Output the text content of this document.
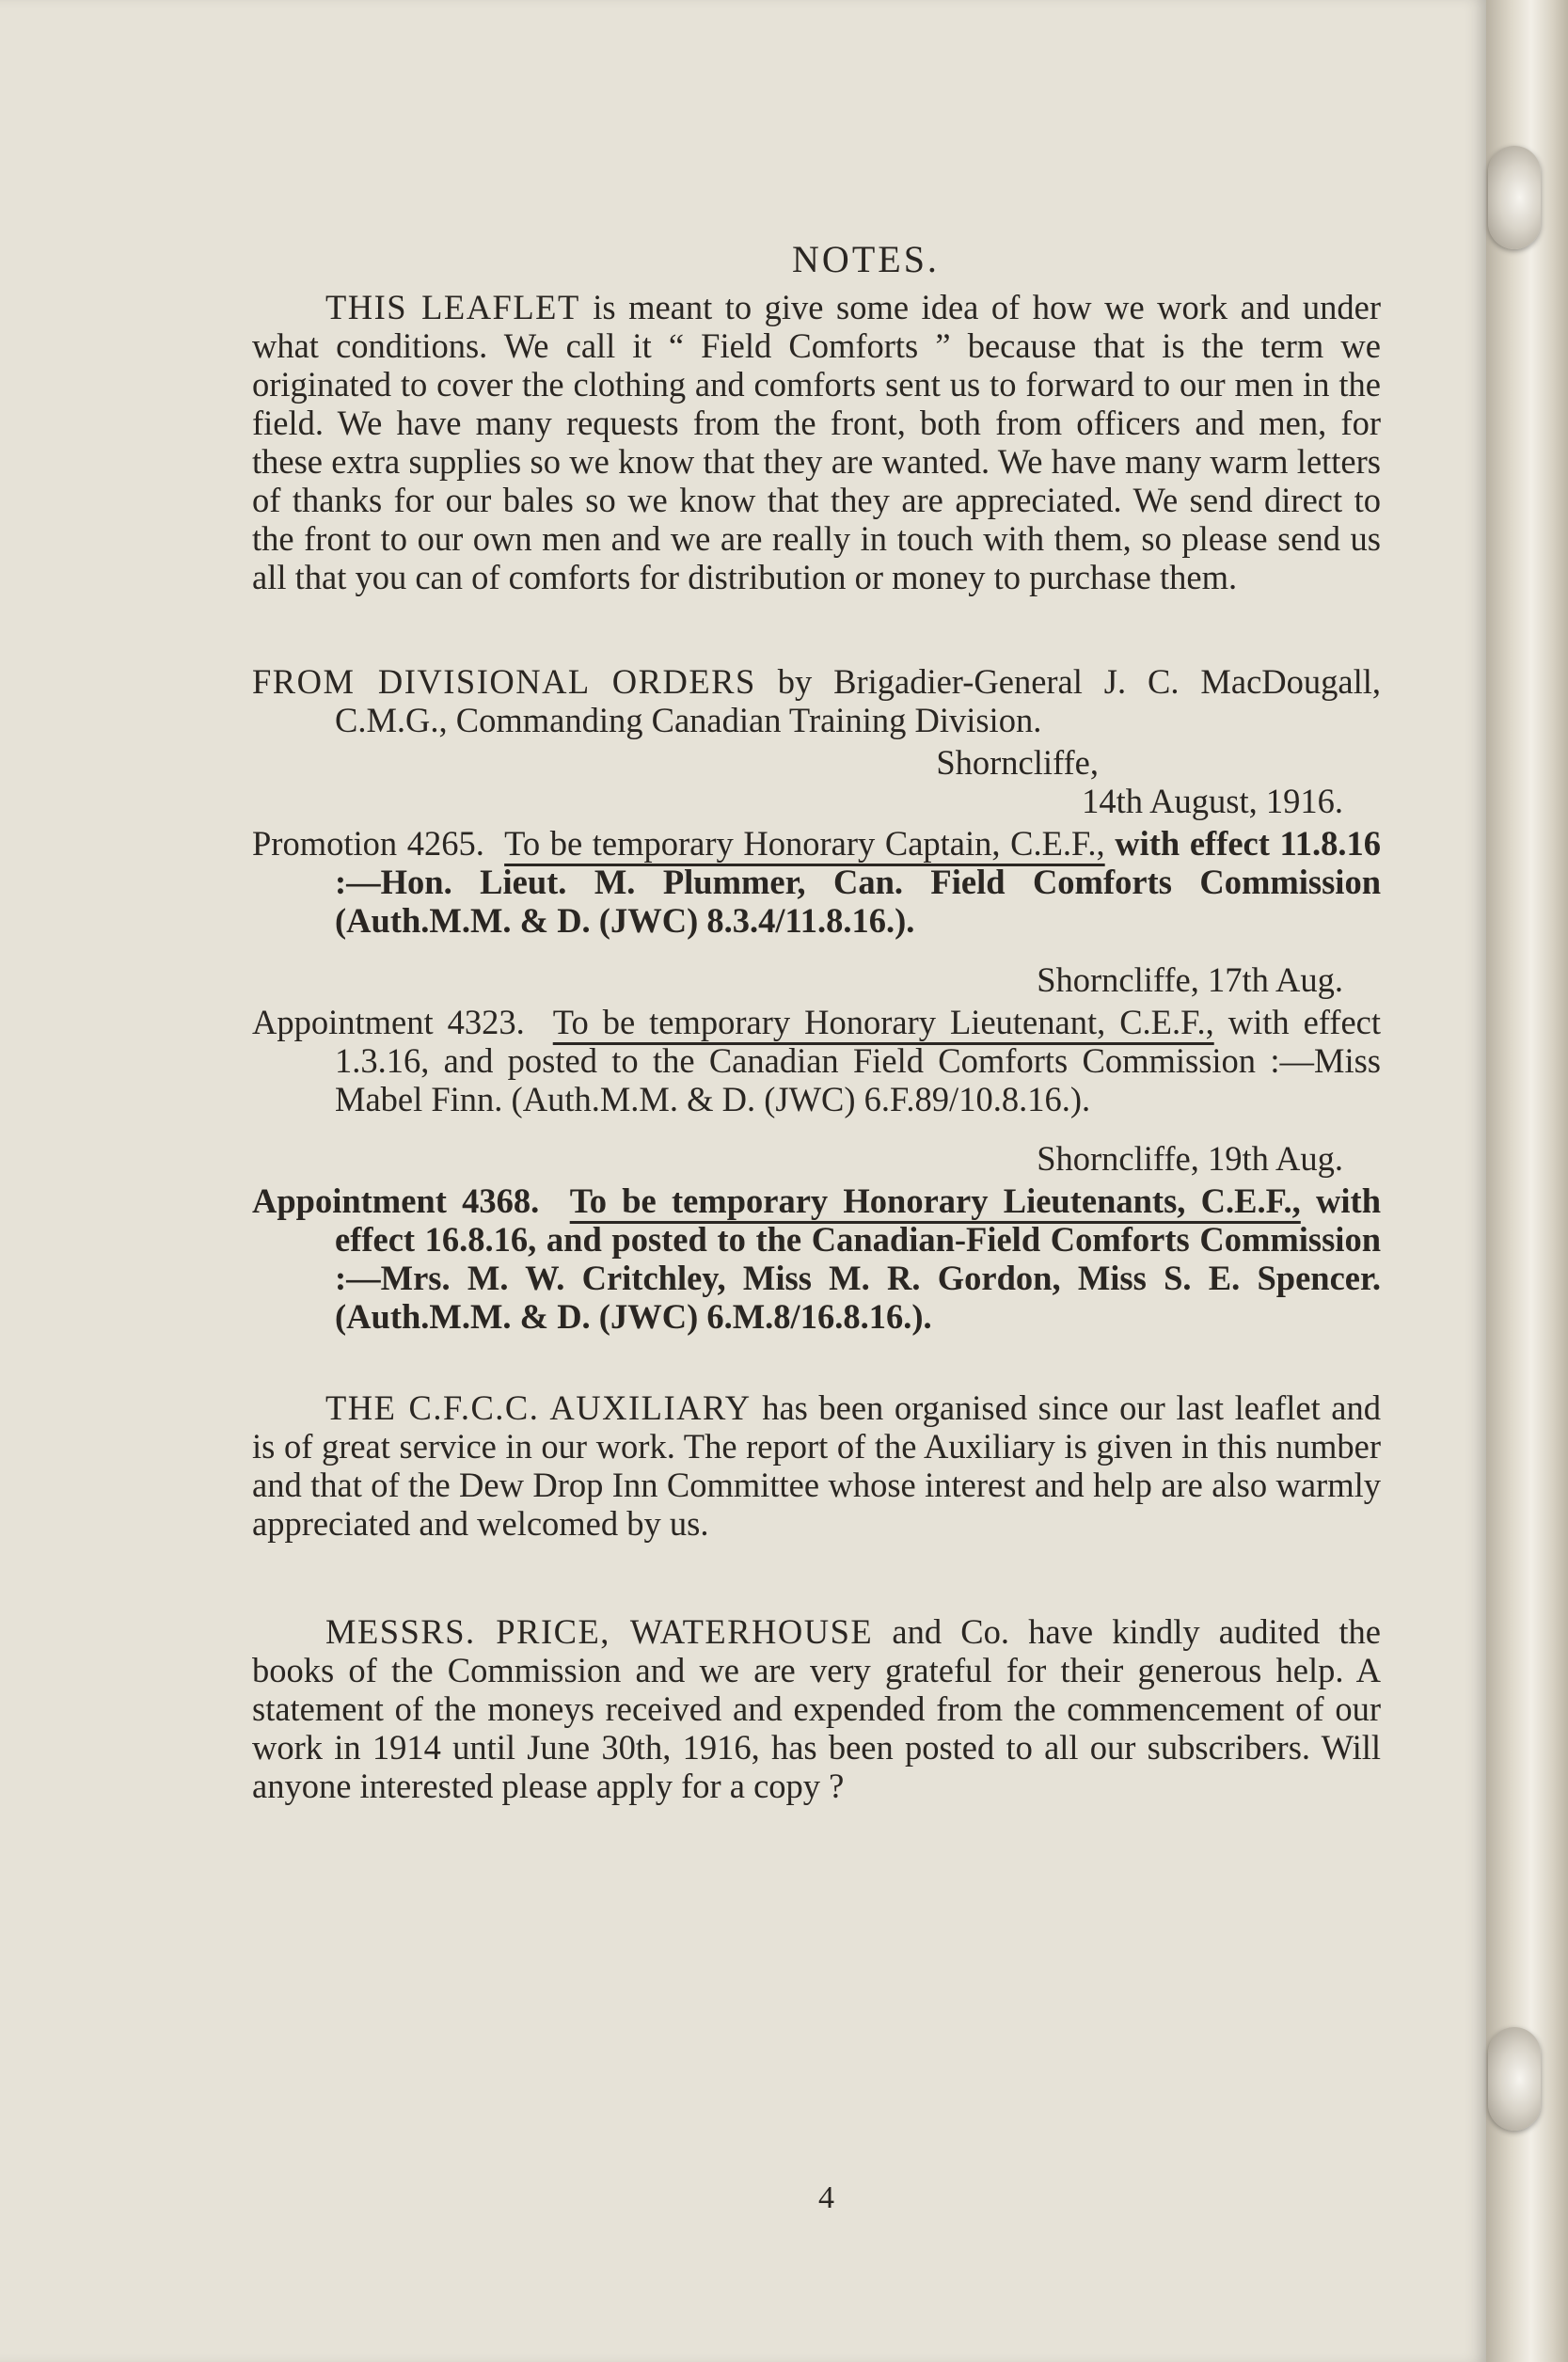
NOTES.

THIS LEAFLET is meant to give some idea of how we work and under what conditions. We call it “ Field Comforts ” because that is the term we originated to cover the clothing and comforts sent us to forward to our men in the field. We have many requests from the front, both from officers and men, for these extra supplies so we know that they are wanted. We have many warm letters of thanks for our bales so we know that they are appreciated. We send direct to the front to our own men and we are really in touch with them, so please send us all that you can of comforts for distribution or money to purchase them.

FROM DIVISIONAL ORDERS by Brigadier-General J. C. MacDougall, C.M.G., Commanding Canadian Training Division.

Shorncliffe,
14th August, 1916.

Promotion 4265. To be temporary Honorary Captain, C.E.F., with effect 11.8.16 :—Hon. Lieut. M. Plummer, Can. Field Comforts Commission (Auth.M.M. & D. (JWC) 8.3.4/11.8.16.).

Shorncliffe, 17th Aug.

Appointment 4323. To be temporary Honorary Lieutenant, C.E.F., with effect 1.3.16, and posted to the Canadian Field Comforts Commission :—Miss Mabel Finn. (Auth.M.M. & D. (JWC) 6.F.89/10.8.16.).

Shorncliffe, 19th Aug.

Appointment 4368. To be temporary Honorary Lieutenants, C.E.F., with effect 16.8.16, and posted to the Canadian-Field Comforts Commission :—Mrs. M. W. Critchley, Miss M. R. Gordon, Miss S. E. Spencer. (Auth.M.M. & D. (JWC) 6.M.8/16.8.16.).

THE C.F.C.C. AUXILIARY has been organised since our last leaflet and is of great service in our work. The report of the Auxiliary is given in this number and that of the Dew Drop Inn Committee whose interest and help are also warmly appreciated and welcomed by us.

MESSRS. PRICE, WATERHOUSE and Co. have kindly audited the books of the Commission and we are very grateful for their generous help. A statement of the moneys received and expended from the commencement of our work in 1914 until June 30th, 1916, has been posted to all our subscribers. Will anyone interested please apply for a copy ?

4
